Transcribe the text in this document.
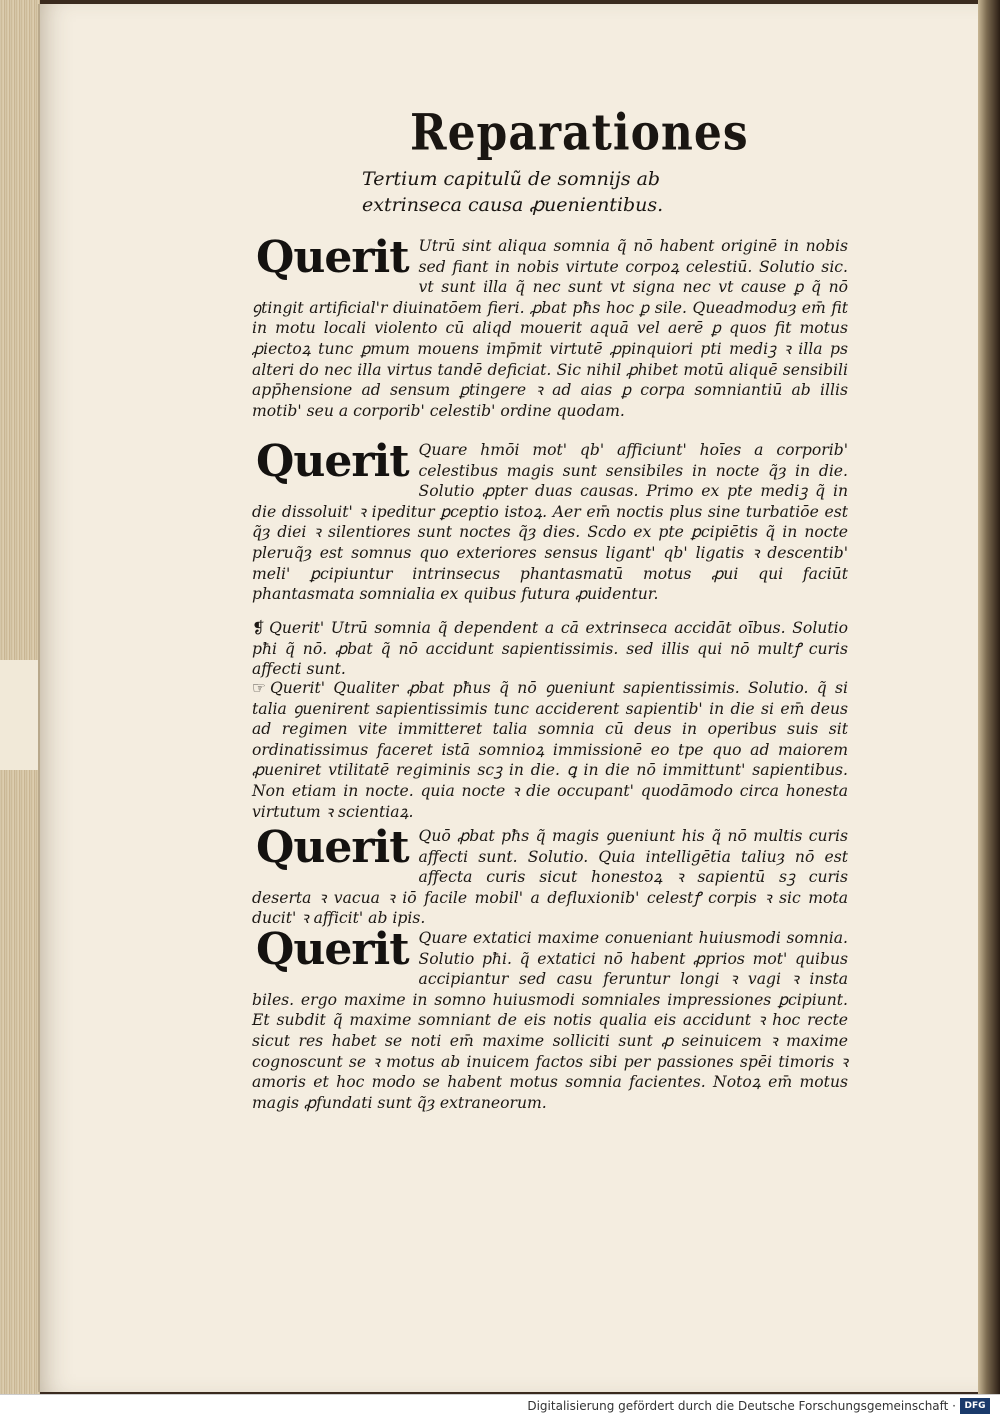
Reparationes
Tertium capitulũ de somnijs ab extrinseca causa ꝓuenientibus.

Querit Utrū sint aliqua somnia q̃ nō habent originē in nobis sed fiant in nobis virtute corpoꝝ celestiū. Solutio sic. vt sunt illa q̃ nec sunt vt signa nec vt cause ꝑ q̃ nō ꝯtingit artificial'r diuinatōem fieri. ꝓbat pħs hoc ꝑ sile. Queadmoduȝ em̄ fit in motu locali violento cū aliqd mouerit aquā vel aerē ꝑ quos fit motus ꝓiectoꝝ tunc ꝑmum mouens imp̄mit virtutē ꝓpinquiori pti mediꝫ ꝛ illa ps alteri do nec illa virtus tandē deficiat. Sic nihil ꝓhibet motū aliquē sensibili app̄hensione ad sensum ꝑtingere ꝛ ad aias ꝑ corpa somniantiū ab illis motib' seu a corporib' celestib' ordine quodam.

Querit Quare hmōi mot' qb' afficiunt' hoīes a corporib' celestibus magis sunt sensibiles in nocte q̃ȝ in die. Solutio ꝓpter duas causas. Primo ex pte mediꝫ q̃ in die dissoluit' ꝛ ipeditur ꝑceptio istoꝝ. Aer em̄ noctis plus sine turbatiōe est q̃ȝ diei ꝛ silentiores sunt noctes q̃ȝ dies. Scdo ex pte ꝑcipiētis q̃ in nocte pleruq̃ȝ est somnus quo exteriores sensus ligant' qb' ligatis ꝛ descentib' meli' ꝑcipiuntur intrinsecus phantasmatū motus ꝓui qui faciūt phantasmata somnialia ex quibus futura ꝓuidentur.

❡ Querit' Utrū somnia q̃ dependent a cā extrinseca accidāt oībus. Solutio pħi q̃ nō. ꝓbat q̃ nō accidunt sapientissimis. sed illis qui nō multꝭ curis affecti sunt.

☞ Querit' Qualiter ꝓbat pħus q̃ nō ꝯueniunt sapientissimis. Solutio. q̃ si talia ꝯuenirent sapientissimis tunc acciderent sapientib' in die si em̄ deus ad regimen vite immitteret talia somnia cū deus in operibus suis sit ordinatissimus faceret istā somnioꝝ immissionē eo tpe quo ad maiorem ꝓueniret vtilitatē regiminis scꝫ in die. ꝗ in die nō immittunt' sapientibus. Non etiam in nocte. quia nocte ꝛ die occupant' quodāmodo circa honesta virtutum ꝛ scientiaꝝ.

Querit Quō ꝓbat pħs q̃ magis ꝯueniunt his q̃ nō multis curis affecti sunt. Solutio. Quia intelligētia taliuȝ nō est affecta curis sicut honestoꝝ ꝛ sapientū sꝫ curis deserta ꝛ vacua ꝛ iō facile mobil' a defluxionib' celestꝭ corpis ꝛ sic mota ducit' ꝛ afficit' ab ipis.

Querit Quare extatici maxime conueniant huiusmodi somnia. Solutio pħi. q̃ extatici nō habent ꝓprios mot' quibus accipiantur sed casu feruntur longi ꝛ vagi ꝛ insta biles. ergo maxime in somno huiusmodi somniales impressiones ꝑcipiunt. Et subdit q̃ maxime somniant de eis notis qualia eis accidunt ꝛ hoc recte sicut res habet se noti em̄ maxime solliciti sunt ꝓ seinuicem ꝛ maxime cognoscunt se ꝛ motus ab inuicem factos sibi per passiones spēi timoris ꝛ amoris et hoc modo se habent motus somnia facientes. Notoꝝ em̄ motus magis ꝓfundati sunt q̃ȝ extraneorum.

Digitalisierung gefördert durch die Deutsche Forschungsgemeinschaft · DFG
